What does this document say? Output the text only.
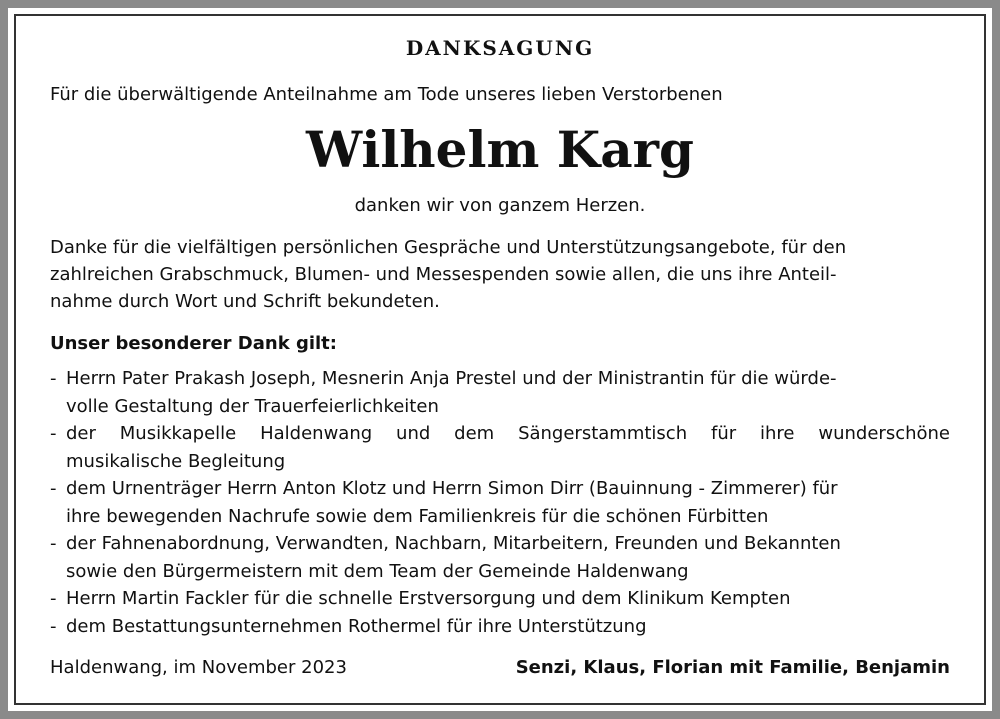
DANKSAGUNG
Für die überwältigende Anteilnahme am Tode unseres lieben Verstorbenen
Wilhelm Karg
danken wir von ganzem Herzen.
Danke für die vielfältigen persönlichen Gespräche und Unterstützungsangebote, für den
zahlreichen Grabschmuck, Blumen- und Messespenden sowie allen, die uns ihre Anteil-
nahme durch Wort und Schrift bekundeten.
Unser besonderer Dank gilt:
- Herrn Pater Prakash Joseph, Mesnerin Anja Prestel und der Ministrantin für die würde-
volle Gestaltung der Trauerfeierlichkeiten
- der Musikkapelle Haldenwang und dem Sängerstammtisch für ihre wunderschöne
musikalische Begleitung
- dem Urnenträger Herrn Anton Klotz und Herrn Simon Dirr (Bauinnung - Zimmerer) für
ihre bewegenden Nachrufe sowie dem Familienkreis für die schönen Fürbitten
- der Fahnenabordnung, Verwandten, Nachbarn, Mitarbeitern, Freunden und Bekannten
sowie den Bürgermeistern mit dem Team der Gemeinde Haldenwang
- Herrn Martin Fackler für die schnelle Erstversorgung und dem Klinikum Kempten
- dem Bestattungsunternehmen Rothermel für ihre Unterstützung
Haldenwang, im November 2023	Senzi, Klaus, Florian mit Familie, Benjamin
